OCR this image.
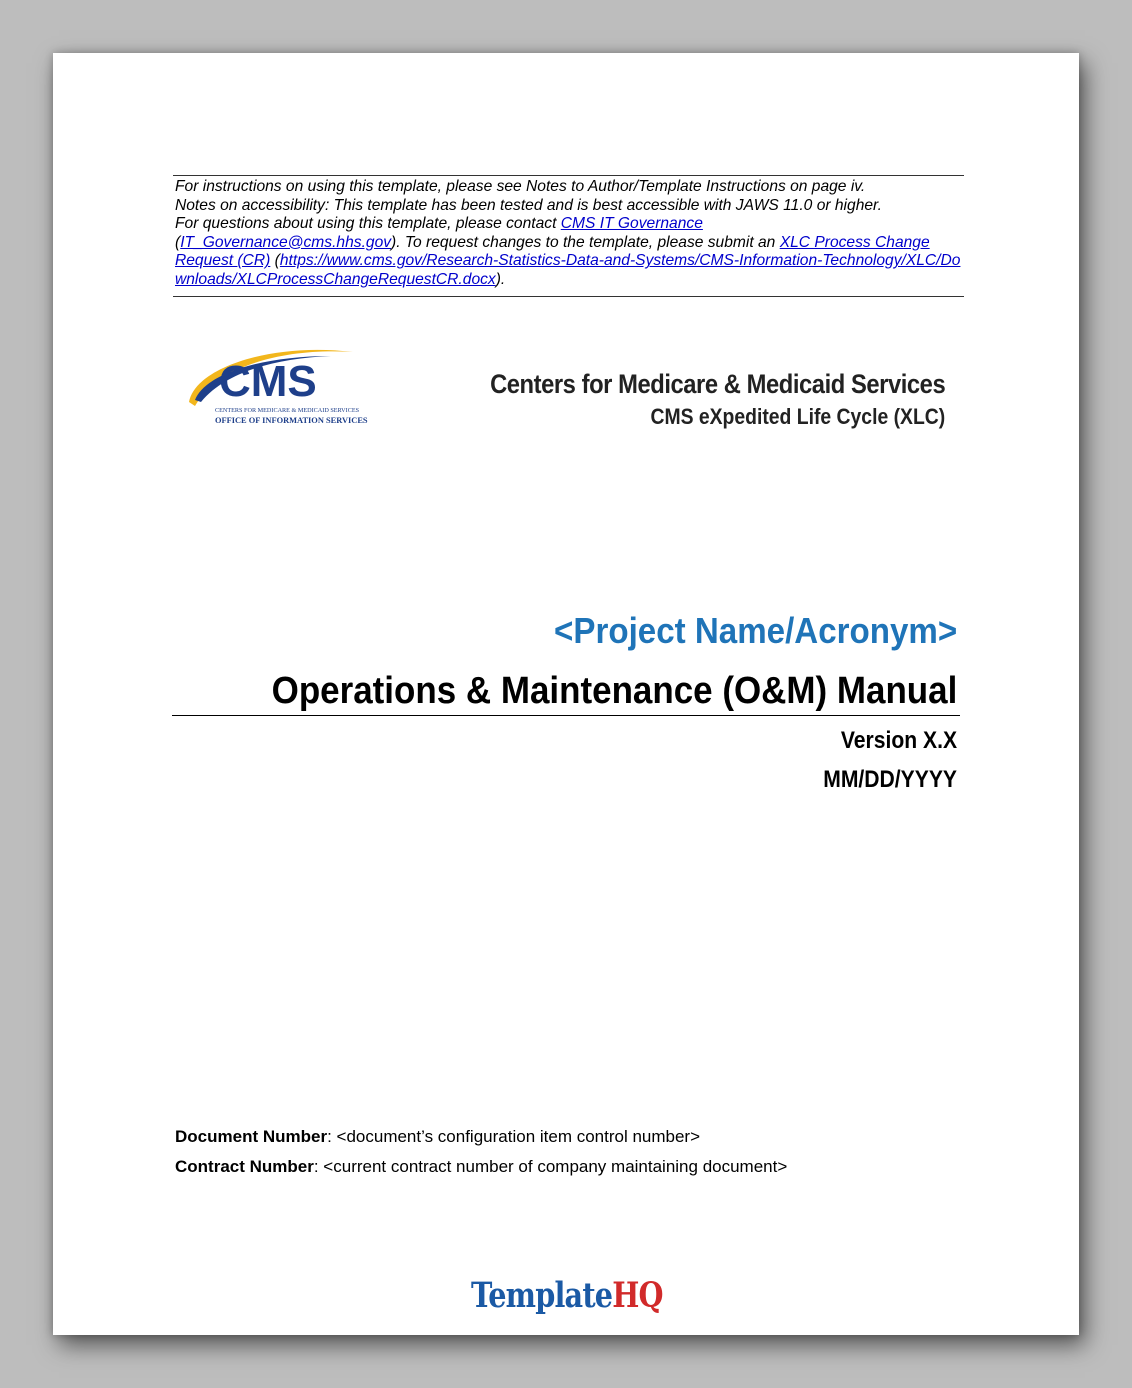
For instructions on using this template, please see Notes to Author/Template Instructions on page iv.
Notes on accessibility: This template has been tested and is best accessible with JAWS 11.0 or higher.
For questions about using this template, please contact CMS IT Governance
(IT_Governance@cms.hhs.gov). To request changes to the template, please submit an XLC Process Change Request (CR) (https://www.cms.gov/Research-Statistics-Data-and-Systems/CMS-Information-Technology/XLC/Downloads/XLCProcessChangeRequestCR.docx).
CMS
CENTERS FOR MEDICARE & MEDICAID SERVICES
OFFICE OF INFORMATION SERVICES
Centers for Medicare & Medicaid Services
CMS eXpedited Life Cycle (XLC)
<Project Name/Acronym>
Operations & Maintenance (O&M) Manual
Version X.X
MM/DD/YYYY
Document Number: <document’s configuration item control number>
Contract Number: <current contract number of company maintaining document>
TemplateHQ
